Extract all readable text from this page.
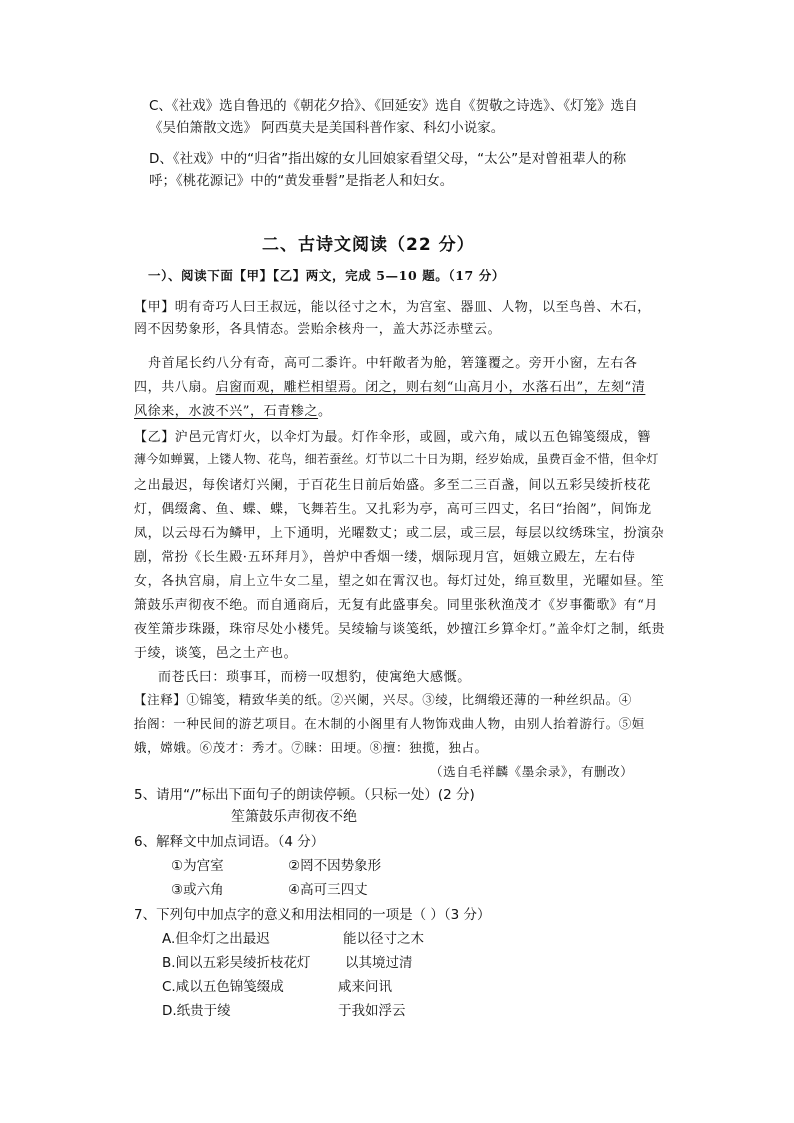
C、《社戏》选自鲁迅的《朝花夕拾》、《回延安》选自《贺敬之诗选》、《灯笼》选自
《吴伯箫散文选》 阿西莫夫是美国科普作家、科幻小说家。
D、《社戏》中的“归省”指出嫁的女儿回娘家看望父母，“太公”是对曾祖辈人的称
呼；《桃花源记》中的“黄发垂髫”是指老人和妇女。
二、古诗文阅读（22 分）
一）、阅读下面【甲】【乙】两文，完成 5—10 题。（17 分）
【甲】明有奇巧人曰王叔远，能以径寸之木，为宫室、器皿、人物，以至鸟兽、木石，
罔不因势象形，各具情态。尝贻余核舟一，盖大苏泛赤壁云。
舟首尾长约八分有奇，高可二黍许。中轩敞者为舱，箬篷覆之。旁开小窗，左右各
四，共八扇。启窗而观，雕栏相望焉。闭之，则右刻“山高月小，水落石出”，左刻“清
风徐来，水波不兴”，石青糁之。
【乙】沪邑元宵灯火，以伞灯为最。灯作伞形，或圆，或六角，咸以五色锦笺缀成，簪
薄今如蝉翼，上镂人物、花鸟，细若蚕丝。灯节以二十日为期，经岁始成，虽费百金不惜，但伞灯
之出最迟，每俟诸灯兴阑，于百花生日前后始盛。多至二三百盏，间以五彩吴绫折枝花
灯，偶缀禽、鱼、蝶、蝶，飞舞若生。又扎彩为亭，高可三四丈，名曰“抬阁”，间饰龙
凤，以云母石为鳞甲，上下通明，光曜数丈；或二层，或三层，每层以纹绣珠宝，扮演杂
剧，常扮《长生殿·五环拜月》，兽炉中香烟一缕，烟际现月宫，姮娥立殿左，左右侍
女，各执宫扇，肩上立牛女二星，望之如在霄汉也。每灯过处，绵亘数里，光曜如昼。笙
箫鼓乐声彻夜不绝。而自通商后，无复有此盛事矣。同里张秋渔茂才《岁事衢歌》有“月
夜笙箫步珠蹑，珠帘尽处小楼凭。吴绫输与谈笺纸，妙擅江乡算伞灯。”盖伞灯之制，纸贵
于绫，谈笺，邑之土产也。
而苍氏曰：琐事耳，而榜一叹想豹，使寓绝大感慨。
【注释】①锦笺，精致华美的纸。②兴阑，兴尽。③绫，比绸缎还薄的一种丝织品。④
抬阁：一种民间的游艺项目。在木制的小阁里有人物饰戏曲人物，由别人抬着游行。⑤姮
娥，嫦娥。⑥茂才：秀才。⑦睐：田埂。⑧擅：独揽，独占。
（选自毛祥麟《墨余录》，有删改）
5、请用“/”标出下面句子的朗读停顿。（只标一处）(2 分)
笙箫鼓乐声彻夜不绝
6、解释文中加点词语。（4 分）
①为宫室	②罔不因势象形
③或六角	④高可三四丈
7、下列句中加点字的意义和用法相同的一项是（ ）（3 分）
A.但伞灯之出最迟	能以径寸之木
B.间以五彩吴绫折枝花灯	以其境过清
C.咸以五色锦笺缀成	咸来问讯
D.纸贵于绫	于我如浮云
